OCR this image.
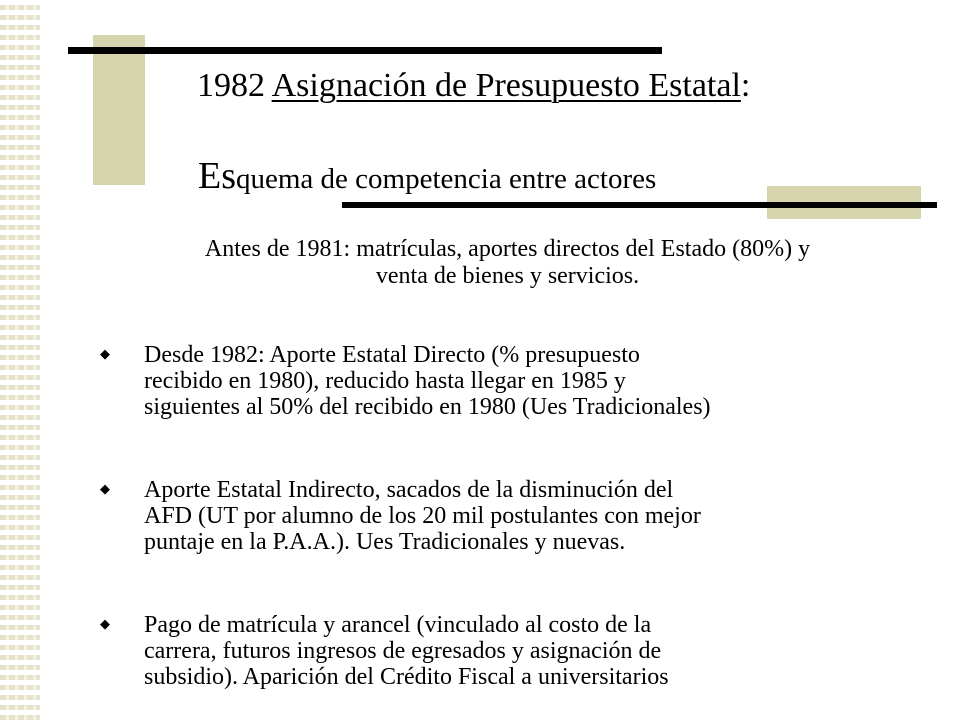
1982 Asignación de Presupuesto Estatal:
Esquema de competencia entre actores
Antes de 1981: matrículas, aportes directos del Estado (80%) y
venta de bienes y servicios.
◆ Desde 1982: Aporte Estatal Directo (% presupuesto
recibido en 1980), reducido hasta llegar en 1985 y
siguientes al 50% del recibido en 1980 (Ues Tradicionales)
◆ Aporte Estatal Indirecto, sacados de la disminución del
AFD (UT por alumno de los 20 mil postulantes con mejor
puntaje en la P.A.A.). Ues Tradicionales y nuevas.
◆ Pago de matrícula y arancel (vinculado al costo de la
carrera, futuros ingresos de egresados y asignación de
subsidio). Aparición del Crédito Fiscal a universitarios
